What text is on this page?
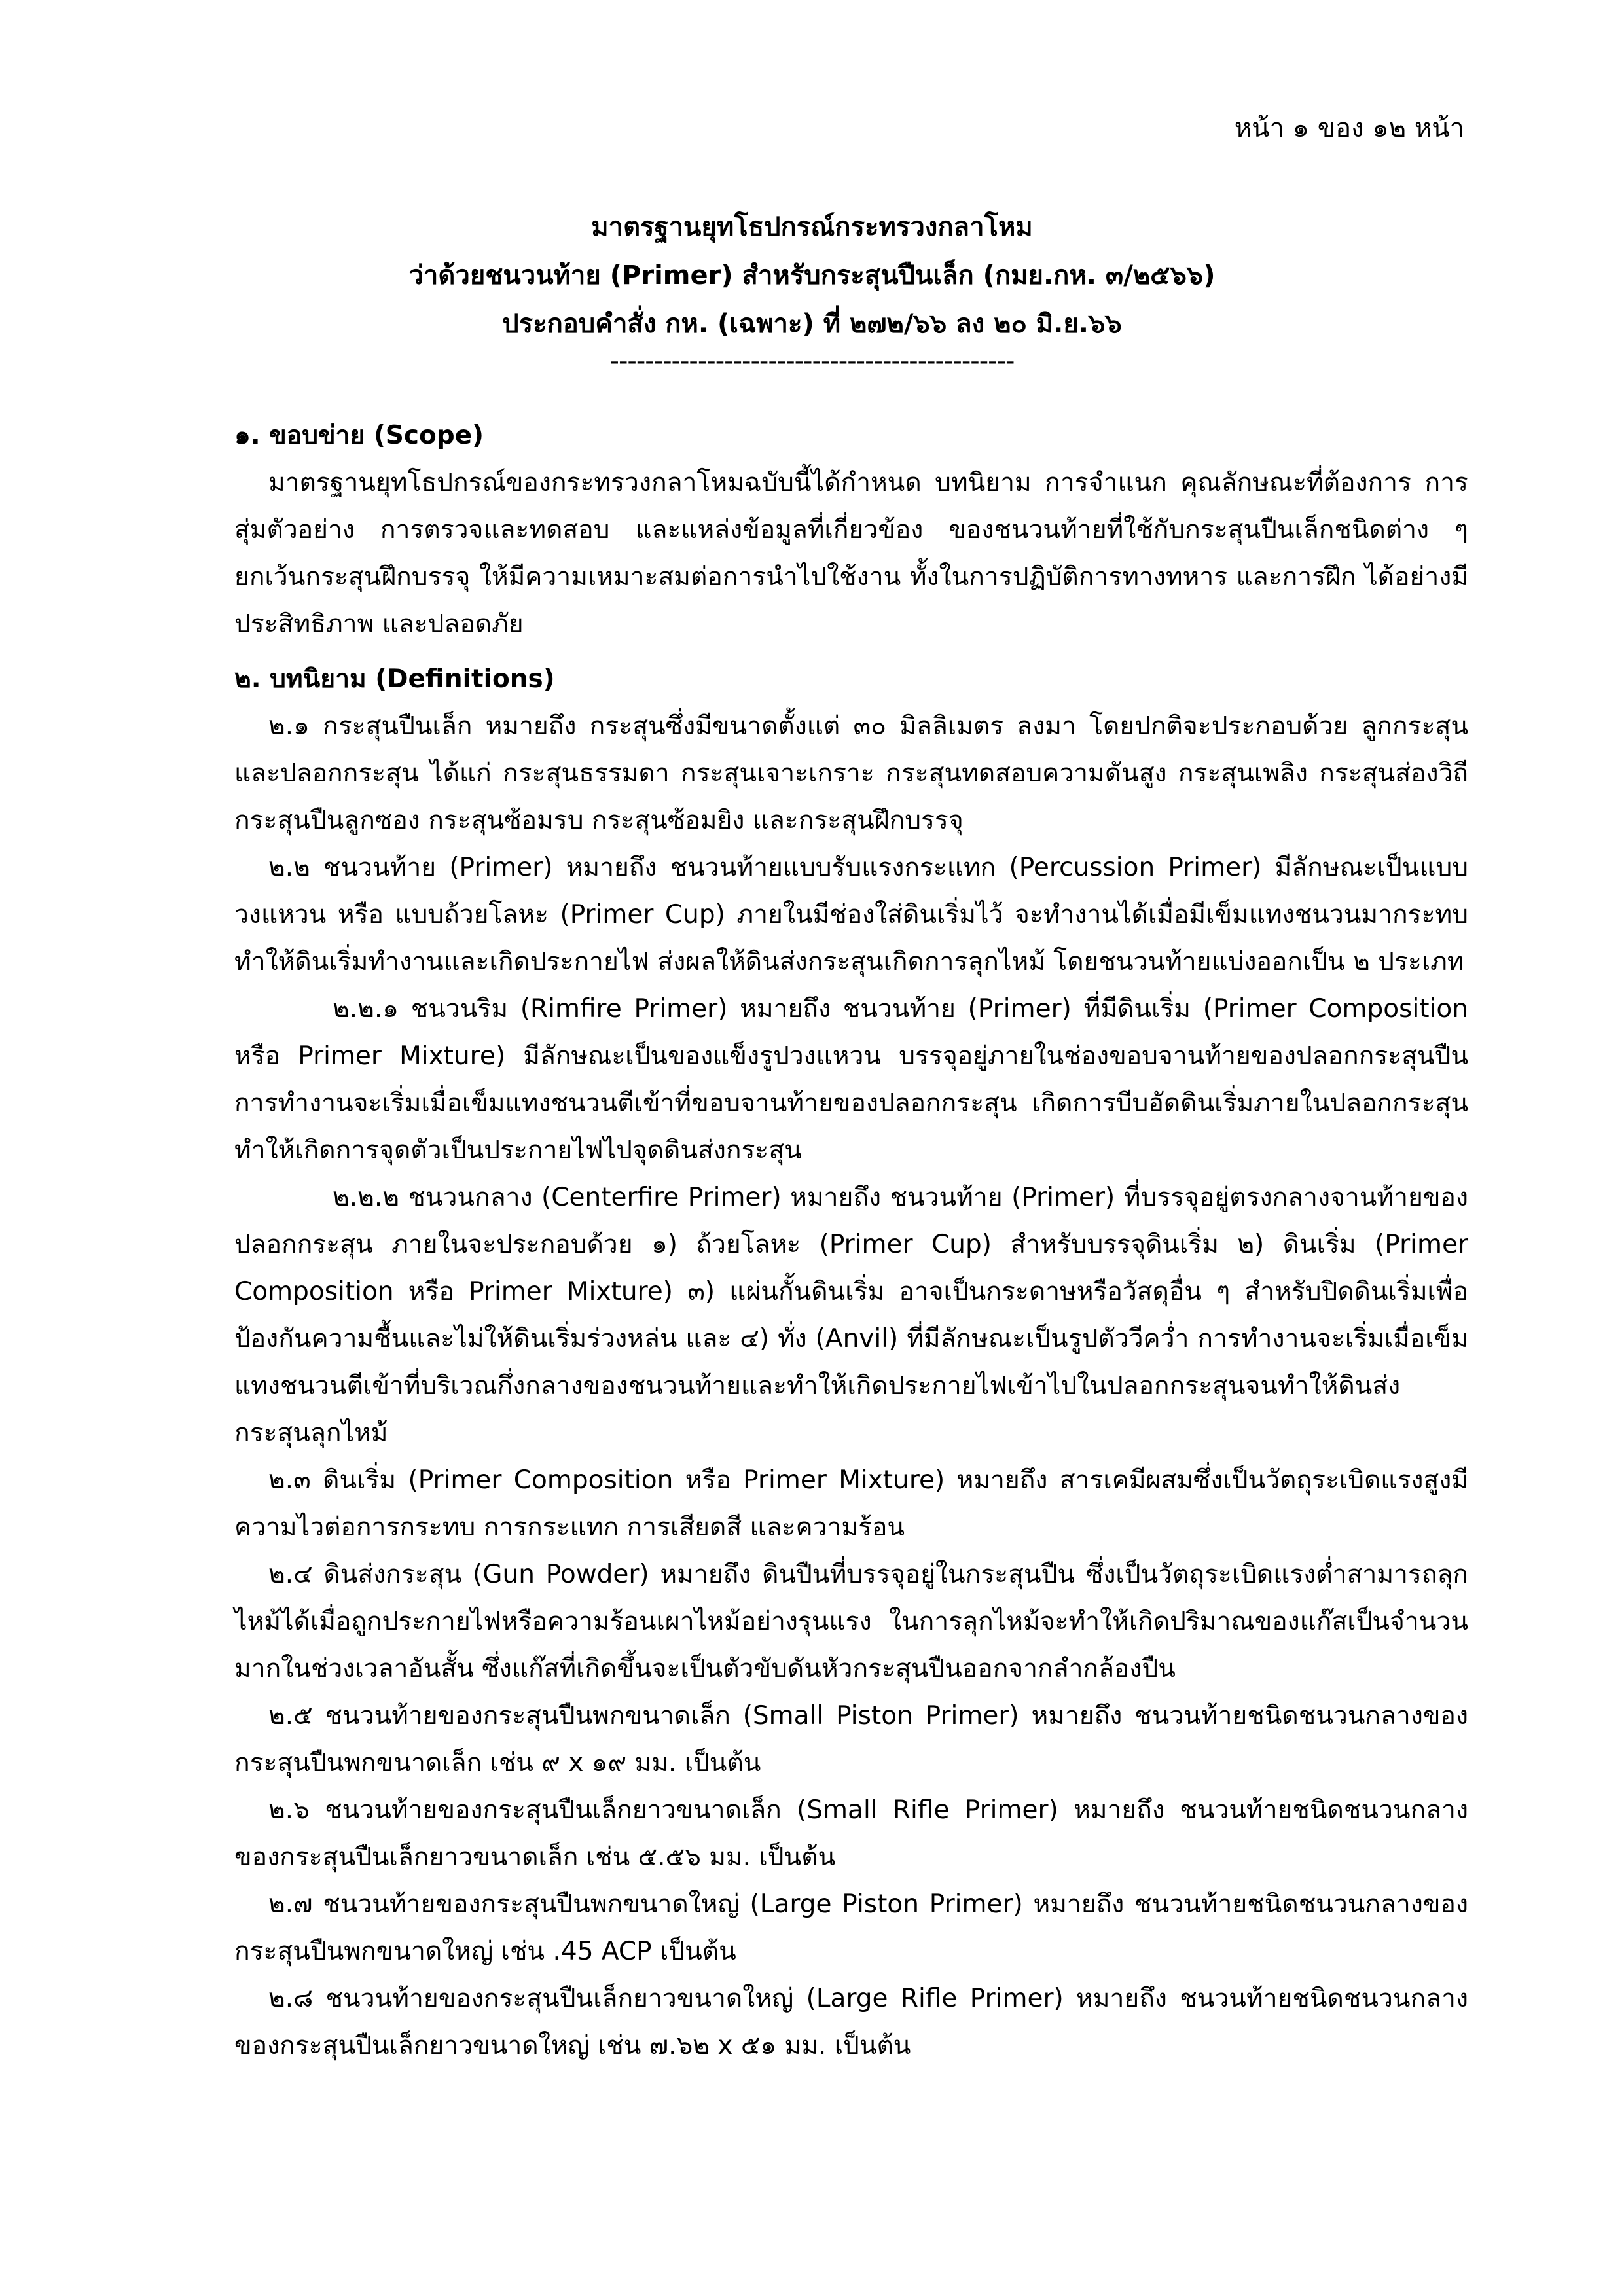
หน้า ๑ ของ ๑๒ หน้า
มาตรฐานยุทโธปกรณ์กระทรวงกลาโหม
ว่าด้วยชนวนท้าย (Primer) สำหรับกระสุนปืนเล็ก (กมย.กห. ๓/๒๕๖๖)
ประกอบคำสั่ง กห. (เฉพาะ) ที่ ๒๗๒/๖๖ ลง ๒๐ มิ.ย.๖๖
----------------------------------------------

๑. ขอบข่าย (Scope)

มาตรฐานยุทโธปกรณ์ของกระทรวงกลาโหมฉบับนี้ได้กำหนด บทนิยาม การจำแนก คุณลักษณะที่ต้องการ การสุ่มตัวอย่าง การตรวจและทดสอบ และแหล่งข้อมูลที่เกี่ยวข้อง ของชนวนท้ายที่ใช้กับกระสุนปืนเล็กชนิดต่าง ๆ ยกเว้นกระสุนฝึกบรรจุ ให้มีความเหมาะสมต่อการนำไปใช้งาน ทั้งในการปฏิบัติการทางทหาร และการฝึก ได้อย่างมีประสิทธิภาพ และปลอดภัย

๒. บทนิยาม (Definitions)

๒.๑ กระสุนปืนเล็ก หมายถึง กระสุนซึ่งมีขนาดตั้งแต่ ๓๐ มิลลิเมตร ลงมา โดยปกติจะประกอบด้วย ลูกกระสุนและปลอกกระสุน ได้แก่ กระสุนธรรมดา กระสุนเจาะเกราะ กระสุนทดสอบความดันสูง กระสุนเพลิง กระสุนส่องวิถี กระสุนปืนลูกซอง กระสุนซ้อมรบ กระสุนซ้อมยิง และกระสุนฝึกบรรจุ

๒.๒ ชนวนท้าย (Primer) หมายถึง ชนวนท้ายแบบรับแรงกระแทก (Percussion Primer) มีลักษณะเป็นแบบวงแหวน หรือ แบบถ้วยโลหะ (Primer Cup) ภายในมีช่องใส่ดินเริ่มไว้ จะทำงานได้เมื่อมีเข็มแทงชนวนมากระทบ ทำให้ดินเริ่มทำงานและเกิดประกายไฟ ส่งผลให้ดินส่งกระสุนเกิดการลุกไหม้ โดยชนวนท้ายแบ่งออกเป็น ๒ ประเภท

๒.๒.๑ ชนวนริม (Rimfire Primer) หมายถึง ชนวนท้าย (Primer) ที่มีดินเริ่ม (Primer Composition หรือ Primer Mixture) มีลักษณะเป็นของแข็งรูปวงแหวน บรรจุอยู่ภายในช่องขอบจานท้ายของปลอกกระสุนปืน การทำงานจะเริ่มเมื่อเข็มแทงชนวนตีเข้าที่ขอบจานท้ายของปลอกกระสุน เกิดการบีบอัดดินเริ่มภายในปลอกกระสุน ทำให้เกิดการจุดตัวเป็นประกายไฟไปจุดดินส่งกระสุน

๒.๒.๒ ชนวนกลาง (Centerfire Primer) หมายถึง ชนวนท้าย (Primer) ที่บรรจุอยู่ตรงกลางจานท้ายของปลอกกระสุน ภายในจะประกอบด้วย ๑) ถ้วยโลหะ (Primer Cup) สำหรับบรรจุดินเริ่ม ๒) ดินเริ่ม (Primer Composition หรือ Primer Mixture) ๓) แผ่นกั้นดินเริ่ม อาจเป็นกระดาษหรือวัสดุอื่น ๆ สำหรับปิดดินเริ่มเพื่อป้องกันความชื้นและไม่ให้ดินเริ่มร่วงหล่น และ ๔) ทั่ง (Anvil) ที่มีลักษณะเป็นรูปตัววีคว่ำ การทำงานจะเริ่มเมื่อเข็มแทงชนวนตีเข้าที่บริเวณกึ่งกลางของชนวนท้ายและทำให้เกิดประกายไฟเข้าไปในปลอกกระสุนจนทำให้ดินส่งกระสุนลุกไหม้

๒.๓ ดินเริ่ม (Primer Composition หรือ Primer Mixture) หมายถึง สารเคมีผสมซึ่งเป็นวัตถุระเบิดแรงสูงมีความไวต่อการกระทบ การกระแทก การเสียดสี และความร้อน

๒.๔ ดินส่งกระสุน (Gun Powder) หมายถึง ดินปืนที่บรรจุอยู่ในกระสุนปืน ซึ่งเป็นวัตถุระเบิดแรงต่ำสามารถลุกไหม้ได้เมื่อถูกประกายไฟหรือความร้อนเผาไหม้อย่างรุนแรง ในการลุกไหม้จะทำให้เกิดปริมาณของแก๊สเป็นจำนวนมากในช่วงเวลาอันสั้น ซึ่งแก๊สที่เกิดขึ้นจะเป็นตัวขับดันหัวกระสุนปืนออกจากลำกล้องปืน

๒.๕ ชนวนท้ายของกระสุนปืนพกขนาดเล็ก (Small Piston Primer) หมายถึง ชนวนท้ายชนิดชนวนกลางของกระสุนปืนพกขนาดเล็ก เช่น ๙ x ๑๙ มม. เป็นต้น

๒.๖ ชนวนท้ายของกระสุนปืนเล็กยาวขนาดเล็ก (Small Rifle Primer) หมายถึง ชนวนท้ายชนิดชนวนกลางของกระสุนปืนเล็กยาวขนาดเล็ก เช่น ๕.๕๖ มม. เป็นต้น

๒.๗ ชนวนท้ายของกระสุนปืนพกขนาดใหญ่ (Large Piston Primer) หมายถึง ชนวนท้ายชนิดชนวนกลางของกระสุนปืนพกขนาดใหญ่ เช่น .45 ACP เป็นต้น

๒.๘ ชนวนท้ายของกระสุนปืนเล็กยาวขนาดใหญ่ (Large Rifle Primer) หมายถึง ชนวนท้ายชนิดชนวนกลางของกระสุนปืนเล็กยาวขนาดใหญ่ เช่น ๗.๖๒ x ๕๑ มม. เป็นต้น
